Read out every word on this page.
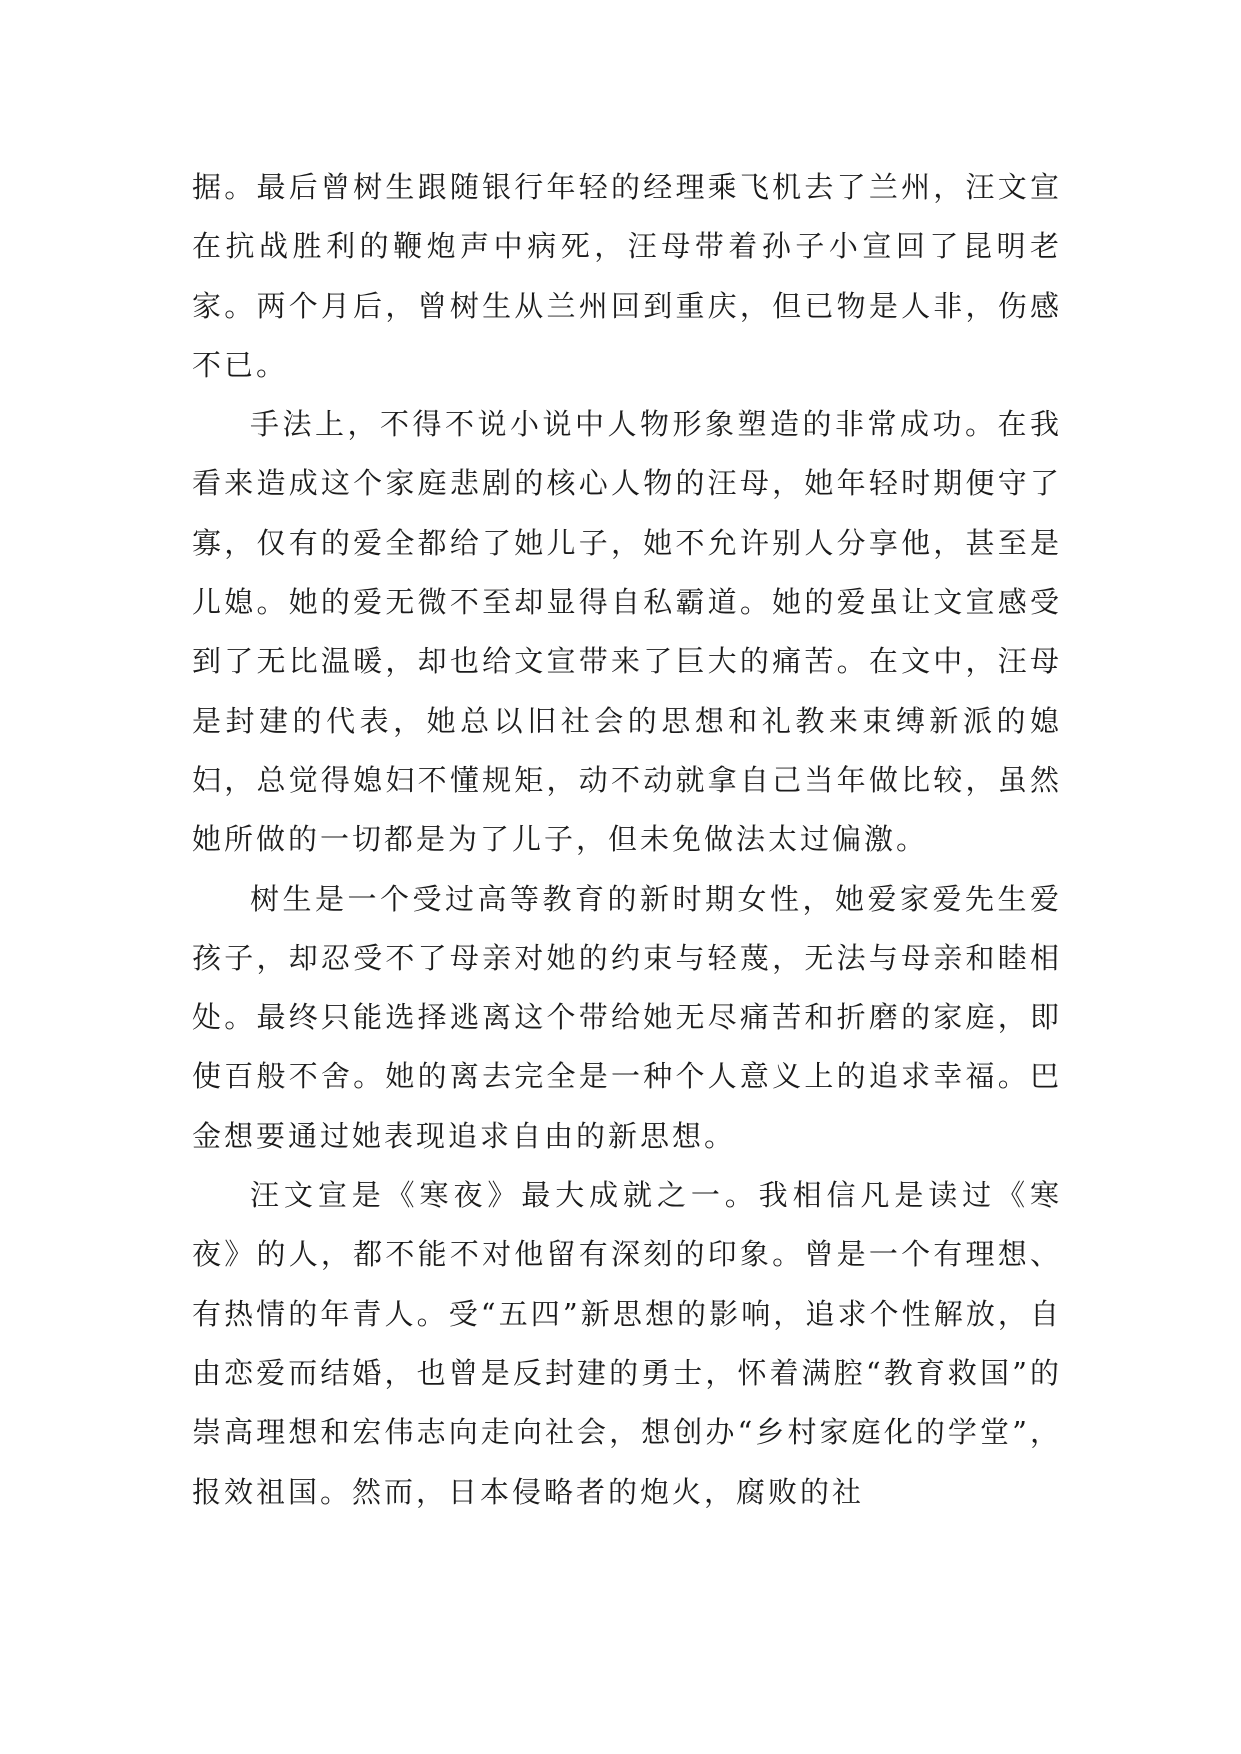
据。最后曾树生跟随银行年轻的经理乘飞机去了兰州，汪文宣在抗战胜利的鞭炮声中病死，汪母带着孙子小宣回了昆明老家。两个月后，曾树生从兰州回到重庆，但已物是人非，伤感不已。

手法上，不得不说小说中人物形象塑造的非常成功。在我看来造成这个家庭悲剧的核心人物的汪母，她年轻时期便守了寡，仅有的爱全都给了她儿子，她不允许别人分享他，甚至是儿媳。她的爱无微不至却显得自私霸道。她的爱虽让文宣感受到了无比温暖，却也给文宣带来了巨大的痛苦。在文中，汪母是封建的代表，她总以旧社会的思想和礼教来束缚新派的媳妇，总觉得媳妇不懂规矩，动不动就拿自己当年做比较，虽然她所做的一切都是为了儿子，但未免做法太过偏激。

树生是一个受过高等教育的新时期女性，她爱家爱先生爱孩子，却忍受不了母亲对她的约束与轻蔑，无法与母亲和睦相处。最终只能选择逃离这个带给她无尽痛苦和折磨的家庭，即使百般不舍。她的离去完全是一种个人意义上的追求幸福。巴金想要通过她表现追求自由的新思想。

汪文宣是《寒夜》最大成就之一。我相信凡是读过《寒夜》的人，都不能不对他留有深刻的印象。曾是一个有理想、有热情的年青人。受“五四”新思想的影响，追求个性解放，自由恋爱而结婚，也曾是反封建的勇士，怀着满腔“教育救国”的崇高理想和宏伟志向走向社会，想创办“乡村家庭化的学堂”，报效祖国。然而，日本侵略者的炮火，腐败的社
